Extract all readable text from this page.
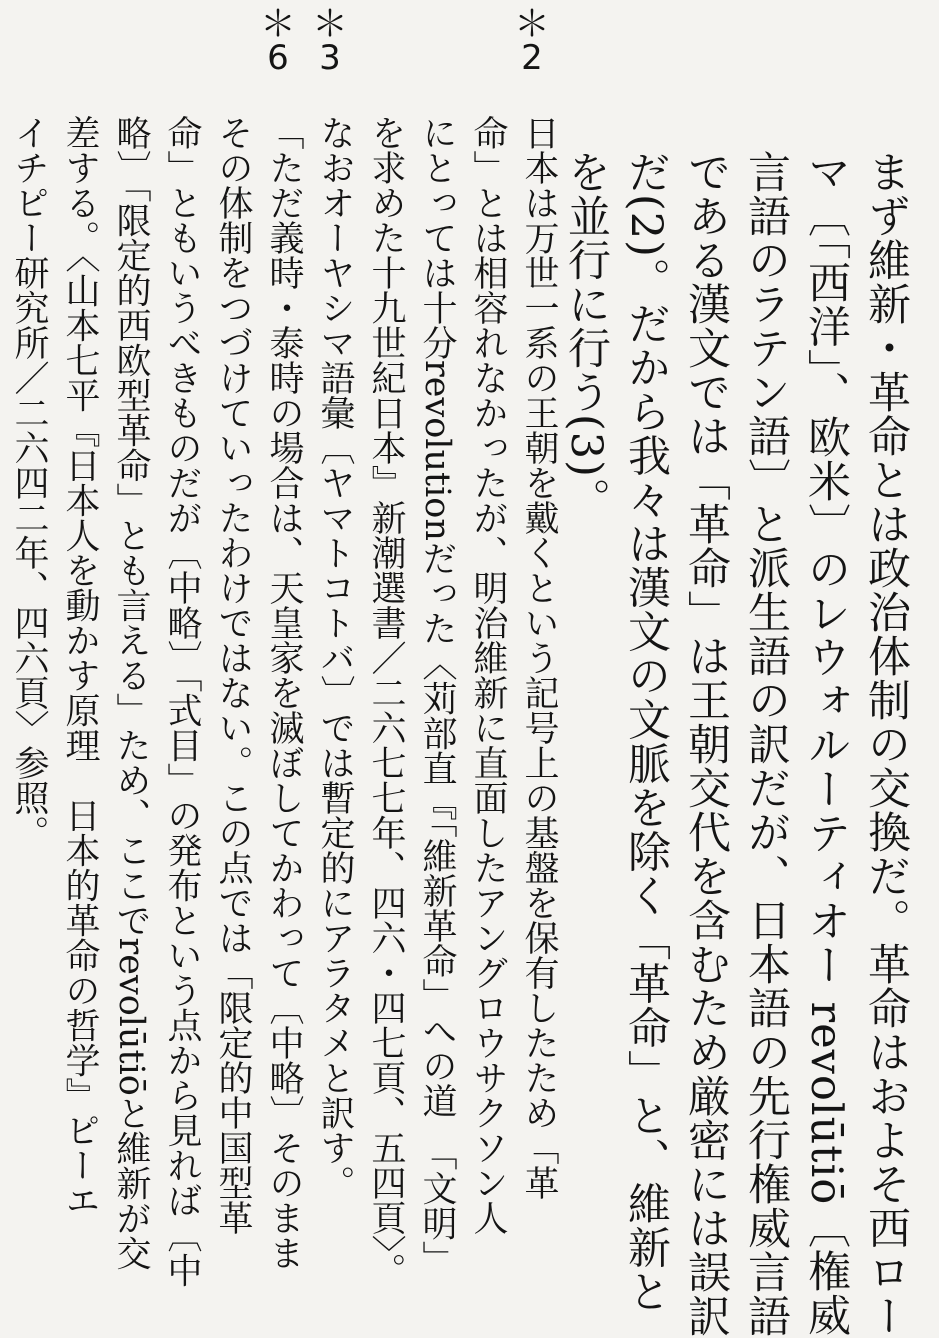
まず維新・革命とは政治体制の交換だ。革命はおよそ西ロー
マ〔「西洋」、欧米〕のレウォルーティオー revolūtiō〔権威
言語のラテン語〕と派生語の訳だが、日本語の先行権威言語
である漢文では「革命」は王朝交代を含むため厳密には誤訳
だ(2)。だから我々は漢文の文脈を除く「革命」と、維新と
を並行に行う(3)。
＊
2
日本は万世一系の王朝を戴くという記号上の基盤を保有したため「革
命」とは相容れなかったが、明治維新に直面したアングロウサクソン人
にとっては十分revolutionだった〈苅部直『「維新革命」への道　「文明」
を求めた十九世紀日本』新潮選書／二六七七年、四六・四七頁、五四頁〉。
＊
3
なおオーヤシマ語彙〔ヤマトコトバ〕では暫定的にアラタメと訳す。
＊
6
「ただ義時・泰時の場合は、天皇家を滅ぼしてかわって〔中略〕そのまま
その体制をつづけていったわけではない。この点では「限定的中国型革
命」ともいうべきものだが〔中略〕「式目」の発布という点から見れば〔中
略〕「限定的西欧型革命」とも言える」ため、ここでrevolūtiōと維新が交
差する。〈山本七平『日本人を動かす原理　日本的革命の哲学』ピーエ
イチピー研究所／二六四二年、四六頁〉参照。
